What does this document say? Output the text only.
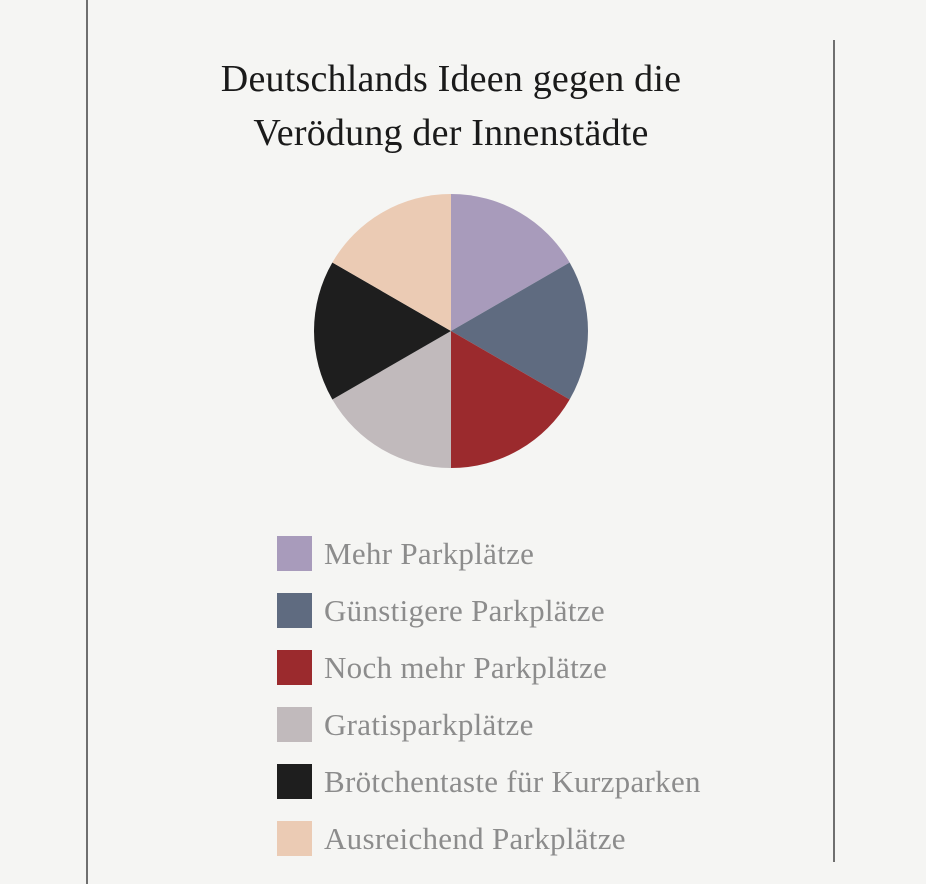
Deutschlands Ideen gegen die
Verödung der Innenstädte
Mehr Parkplätze
Günstigere Parkplätze
Noch mehr Parkplätze
Gratisparkplätze
Brötchentaste für Kurzparken
Ausreichend Parkplätze
